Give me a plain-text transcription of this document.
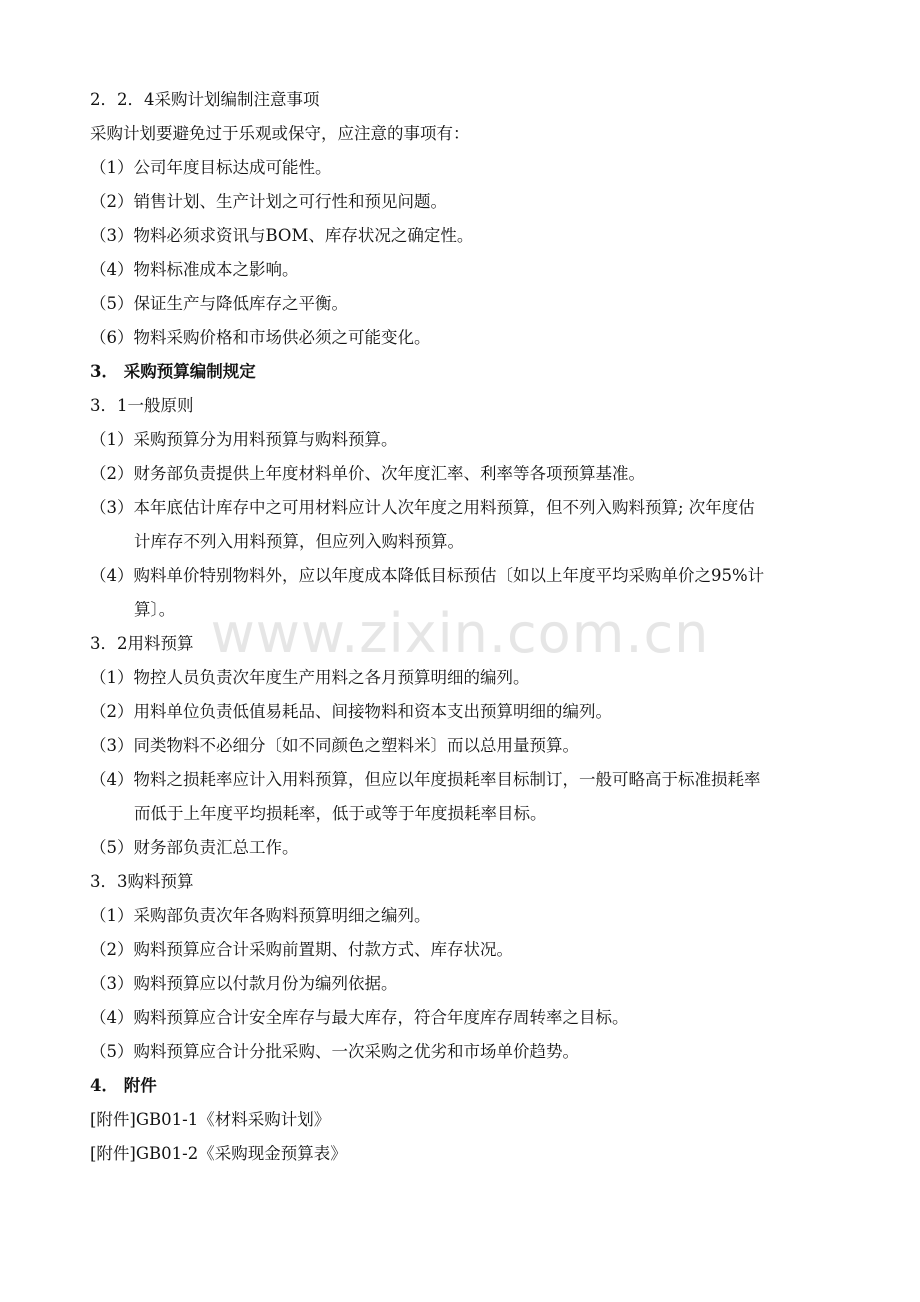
www.zixin.com.cn
2．2．4采购计划编制注意事项
采购计划要避免过于乐观或保守，应注意的事项有：
（1）公司年度目标达成可能性。
（2）销售计划、生产计划之可行性和预见问题。
（3）物料必须求资讯与BOM、库存状况之确定性。
（4）物料标准成本之影响。
（5）保证生产与降低库存之平衡。
（6）物料采购价格和市场供必须之可能变化。
3． 采购预算编制规定
3．1一般原则
（1）采购预算分为用料预算与购料预算。
（2）财务部负责提供上年度材料单价、次年度汇率、利率等各项预算基准。
（3）本年底估计库存中之可用材料应计人次年度之用料预算，但不列入购料预算; 次年度估
计库存不列入用料预算，但应列入购料预算。
（4）购料单价特别物料外，应以年度成本降低目标预估〔如以上年度平均采购单价之95%计
算〕。
3．2用料预算
（1）物控人员负责次年度生产用料之各月预算明细的编列。
（2）用料单位负责低值易耗品、间接物料和资本支出预算明细的编列。
（3）同类物料不必细分〔如不同颜色之塑料米〕而以总用量预算。
（4）物料之损耗率应计入用料预算，但应以年度损耗率目标制订，一般可略高于标准损耗率
而低于上年度平均损耗率，低于或等于年度损耗率目标。
（5）财务部负责汇总工作。
3．3购料预算
（1）采购部负责次年各购料预算明细之编列。
（2）购料预算应合计采购前置期、付款方式、库存状况。
（3）购料预算应以付款月份为编列依据。
（4）购料预算应合计安全库存与最大库存，符合年度库存周转率之目标。
（5）购料预算应合计分批采购、一次采购之优劣和市场单价趋势。
4． 附件
[附件]GB01-1《材料采购计划》
[附件]GB01-2《采购现金预算表》
